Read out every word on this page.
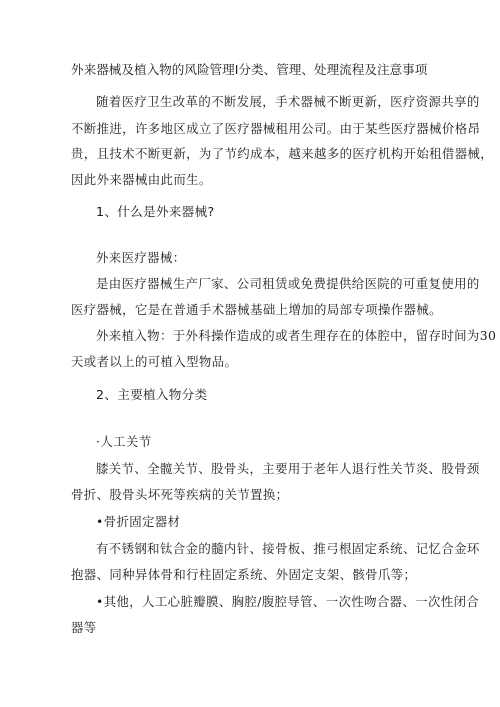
外来器械及植入物的风险管理I分类、管理、处理流程及注意事项
随着医疗卫生改革的不断发展，手术器械不断更新，医疗资源共享的
不断推进，许多地区成立了医疗器械租用公司。由于某些医疗器械价格昂
贵，且技术不断更新，为了节约成本，越来越多的医疗机构开始租借器械，
因此外来器械由此而生。
1、什么是外来器械?
外来医疗器械：
是由医疗器械生产厂家、公司租赁或免费提供给医院的可重复使用的
医疗器械，它是在普通手术器械基础上增加的局部专项操作器械。
外来植入物：于外科操作造成的或者生理存在的体腔中，留存时间为30
天或者以上的可植入型物品。
2、主要植入物分类
·人工关节
膝关节、全髋关节、股骨头，主要用于老年人退行性关节炎、股骨颈
骨折、股骨头坏死等疾病的关节置换；
•骨折固定器材
有不锈钢和钛合金的髓内针、接骨板、推弓根固定系统、记忆合金环
抱器、同种异体骨和行柱固定系统、外固定支架、骸骨爪等；
•其他，人工心脏瓣膜、胸腔/腹腔导管、一次性吻合器、一次性闭合
器等
